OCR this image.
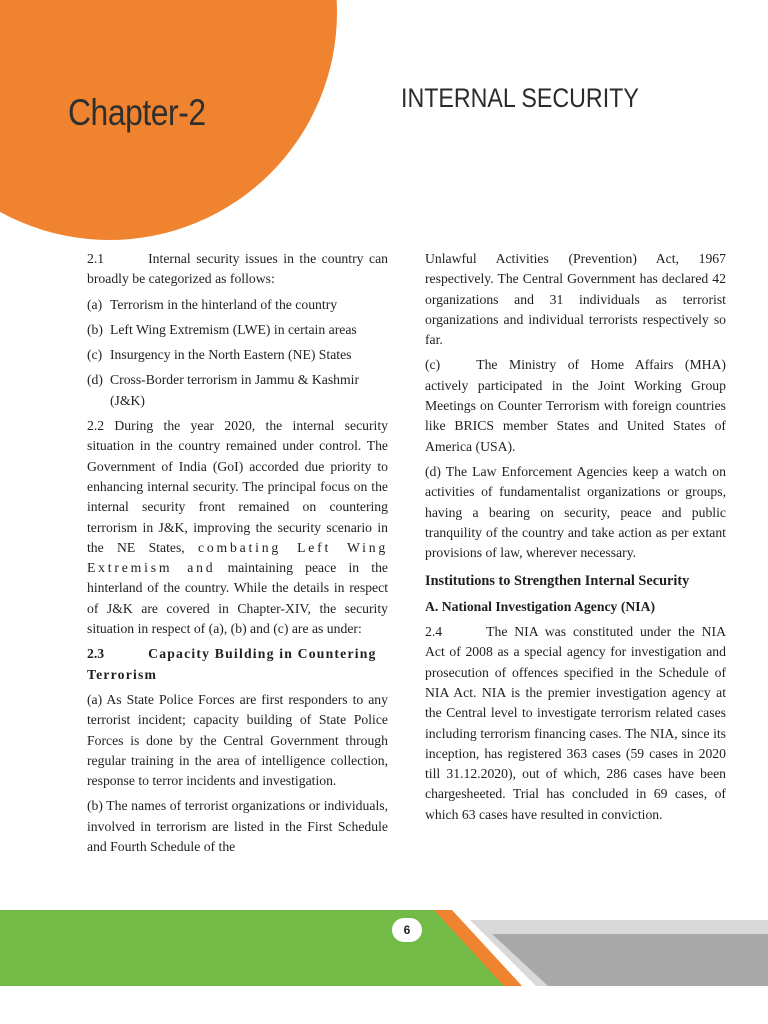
Chapter-2	INTERNAL SECURITY

2.1	Internal security issues in the country can broadly be categorized as follows:

(a) Terrorism in the hinterland of the country
(b) Left Wing Extremism (LWE) in certain areas
(c) Insurgency in the North Eastern (NE) States
(d) Cross-Border terrorism in Jammu & Kashmir (J&K)

2.2 During the year 2020, the internal security situation in the country remained under control. The Government of India (GoI) accorded due priority to enhancing internal security. The principal focus on the internal security front remained on countering terrorism in J&K, improving the security scenario in the NE States, combating Left Wing Extremism and maintaining peace in the hinterland of the country. While the details in respect of J&K are covered in Chapter-XIV, the security situation in respect of (a), (b) and (c) are as under:

2.3	Capacity Building in Countering Terrorism

(a) As State Police Forces are first responders to any terrorist incident; capacity building of State Police Forces is done by the Central Government through regular training in the area of intelligence collection, response to terror incidents and investigation.

(b) The names of terrorist organizations or individuals, involved in terrorism are listed in the First Schedule and Fourth Schedule of the

Unlawful Activities (Prevention) Act, 1967 respectively. The Central Government has declared 42 organizations and 31 individuals as terrorist organizations and individual terrorists respectively so far.

(c)	The Ministry of Home Affairs (MHA) actively participated in the Joint Working Group Meetings on Counter Terrorism with foreign countries like BRICS member States and United States of America (USA).

(d) The Law Enforcement Agencies keep a watch on activities of fundamentalist organizations or groups, having a bearing on security, peace and public tranquility of the country and take action as per extant provisions of law, wherever necessary.

Institutions to Strengthen Internal Security
A. National Investigation Agency (NIA)

2.4	The NIA was constituted under the NIA Act of 2008 as a special agency for investigation and prosecution of offences specified in the Schedule of NIA Act. NIA is the premier investigation agency at the Central level to investigate terrorism related cases including terrorism financing cases. The NIA, since its inception, has registered 363 cases (59 cases in 2020 till 31.12.2020), out of which, 286 cases have been chargesheeted. Trial has concluded in 69 cases, of which 63 cases have resulted in conviction.

6
